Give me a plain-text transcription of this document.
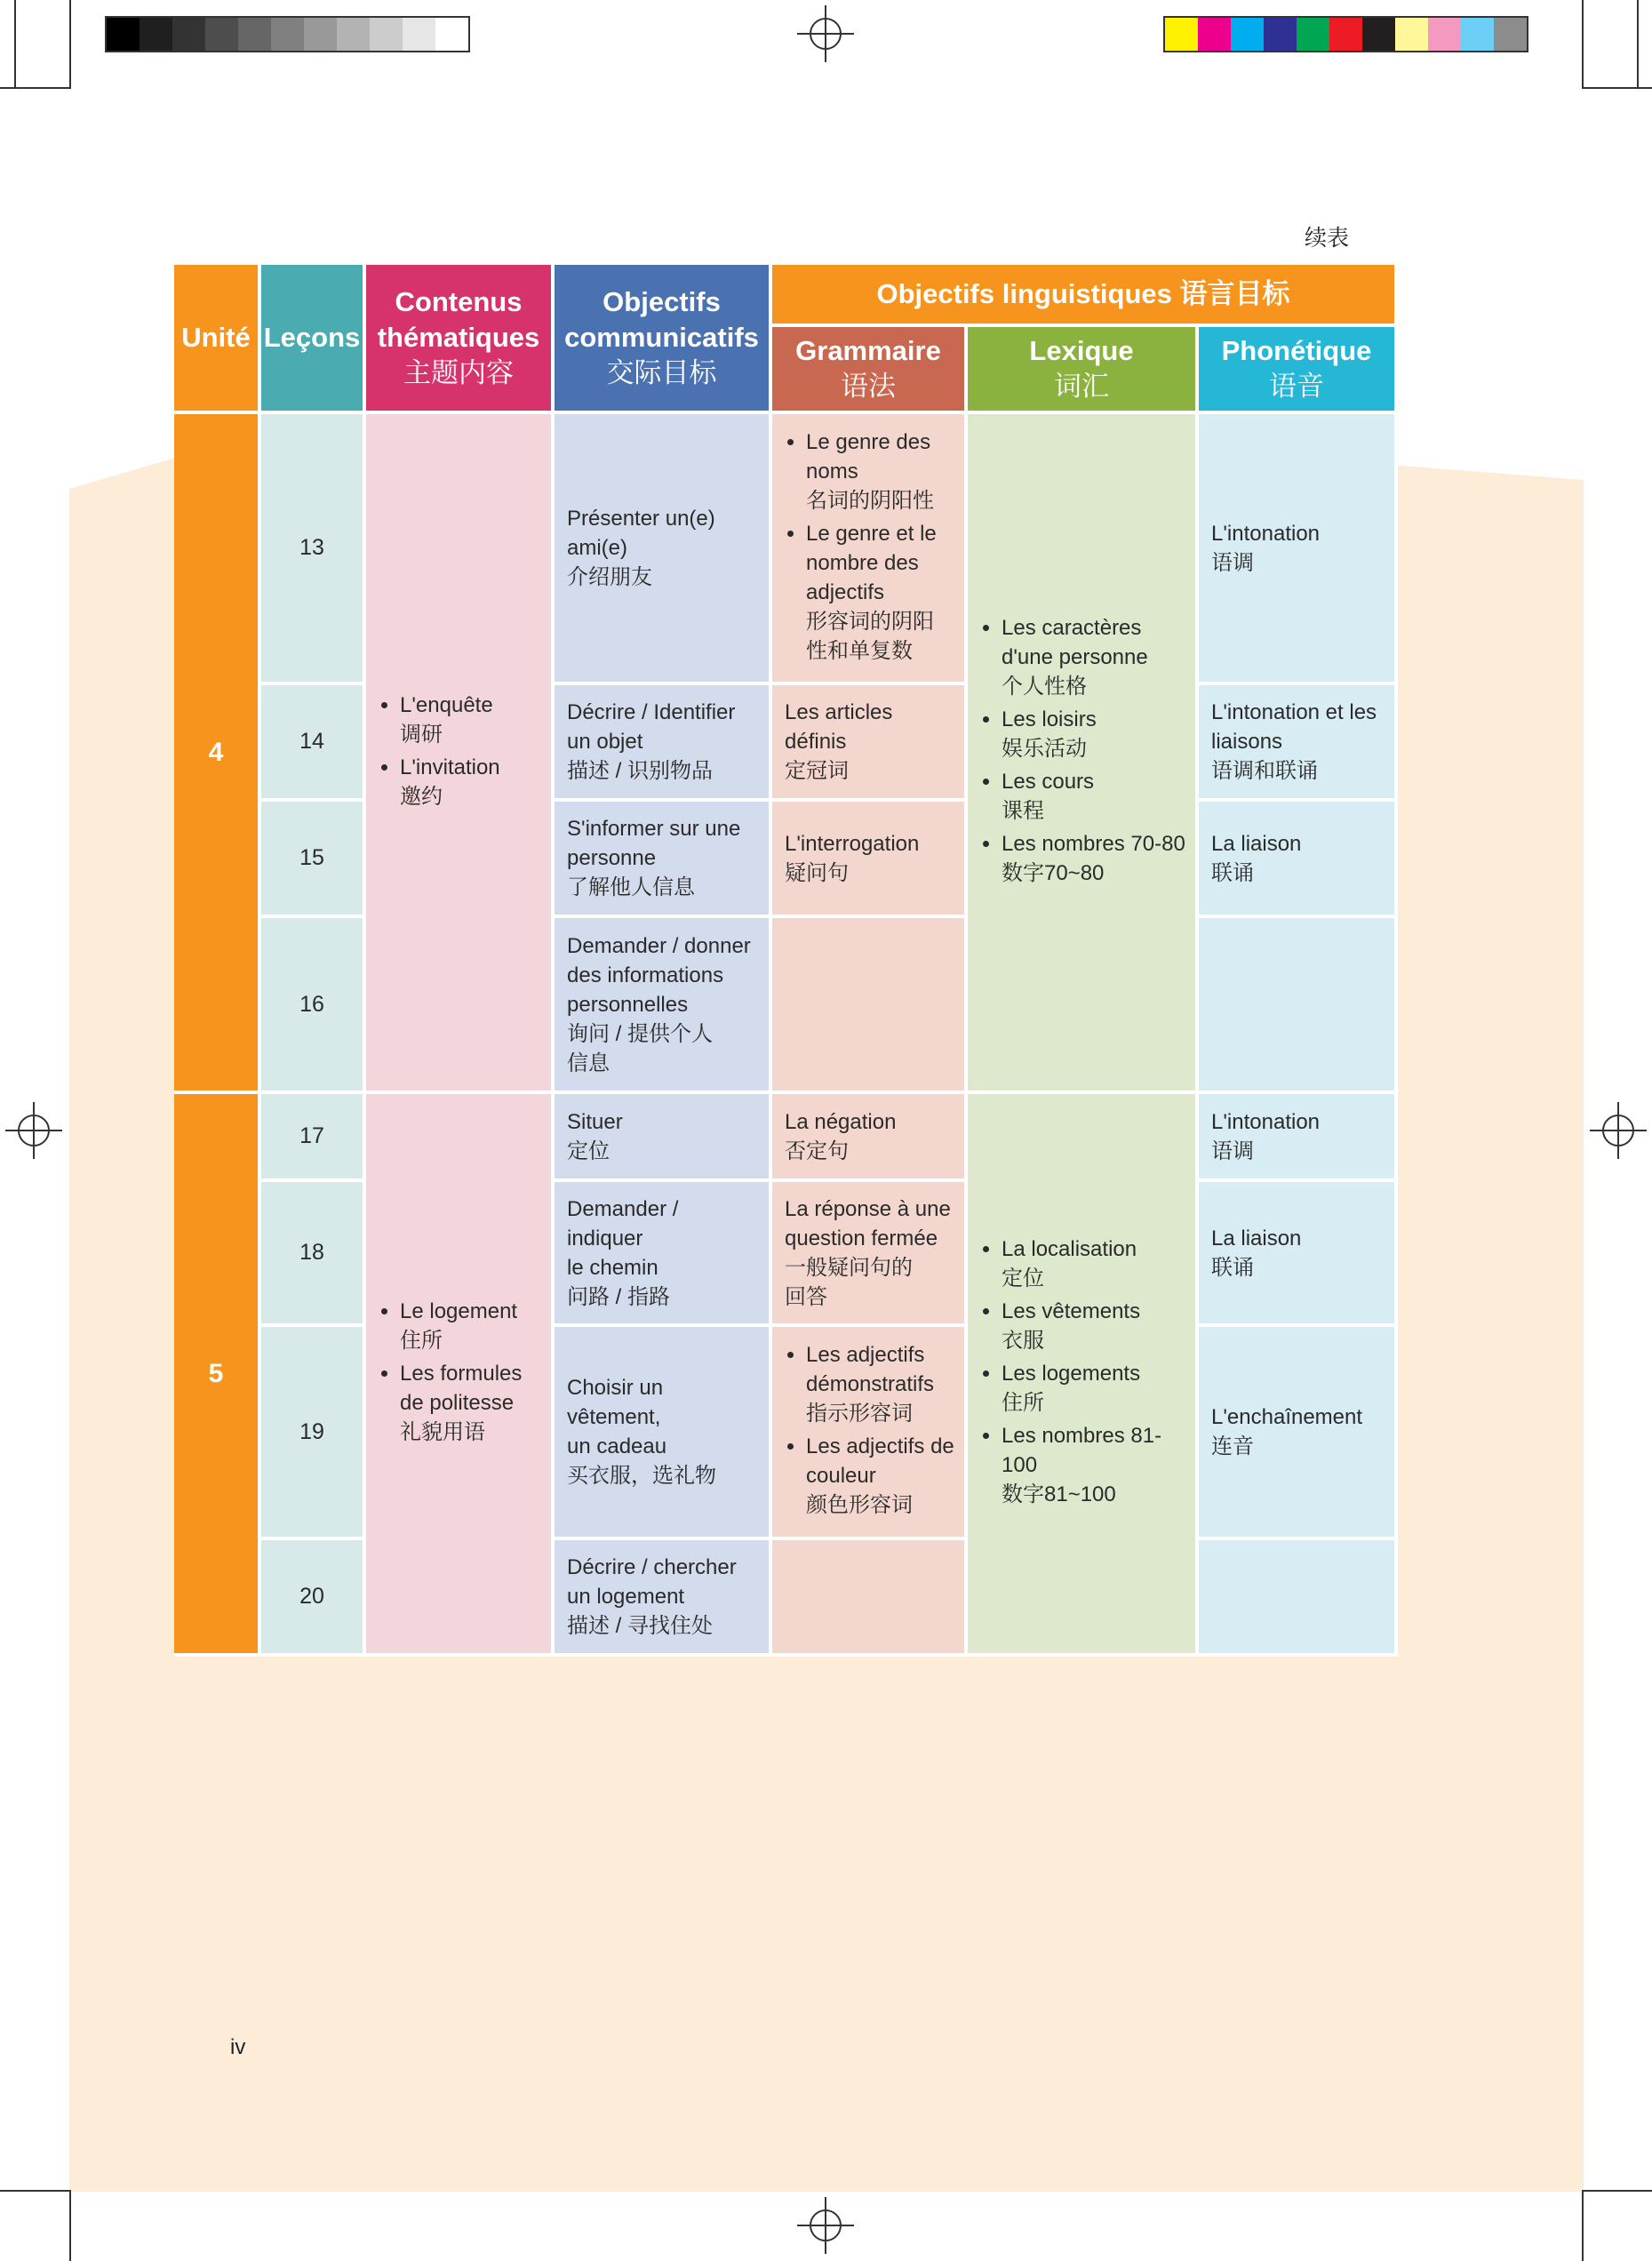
续表
iv
Unité Leçons
Contenus
thématiques
主题内容
Objectifs
communicatifs
交际目标
Objectifs linguistiques 语言目标
Grammaire
语法
Lexique
词汇
Phonétique
语音
4
• L'enquête
调研
• L'invitation
邀约
• Les caractères
d'une personne
个人性格
• Les loisirs
娱乐活动
• Les cours
课程
• Les nombres 70-80
数字70~80
13
Présenter un(e)
ami(e)
介绍朋友
• Le genre des
noms
名词的阴阳性
• Le genre et le
nombre des
adjectifs
形容词的阴阳
性和单复数
L'intonation
语调
14
Décrire / Identifier
un objet
描述 / 识别物品
Les articles
définis
定冠词
L'intonation et les
liaisons
语调和联诵
15
S'informer sur une
personne
了解他人信息
L'interrogation
疑问句
La liaison
联诵
16
Demander / donner
des informations
personnelles
询问 / 提供个人
信息
5
• Le logement
住所
• Les formules
de politesse
礼貌用语
• La localisation
定位
• Les vêtements
衣服
• Les logements
住所
• Les nombres 81-
100
数字81~100
17
Situer
定位
La négation
否定句
L'intonation
语调
18
Demander / indiquer
le chemin
问路 / 指路
La réponse à une
question fermée
一般疑问句的
回答
La liaison
联诵
19
Choisir un vêtement,
un cadeau
买衣服，选礼物
• Les adjectifs
démonstratifs
指示形容词
• Les adjectifs de
couleur
颜色形容词
L'enchaînement
连音
20
Décrire / chercher
un logement
描述 / 寻找住处
